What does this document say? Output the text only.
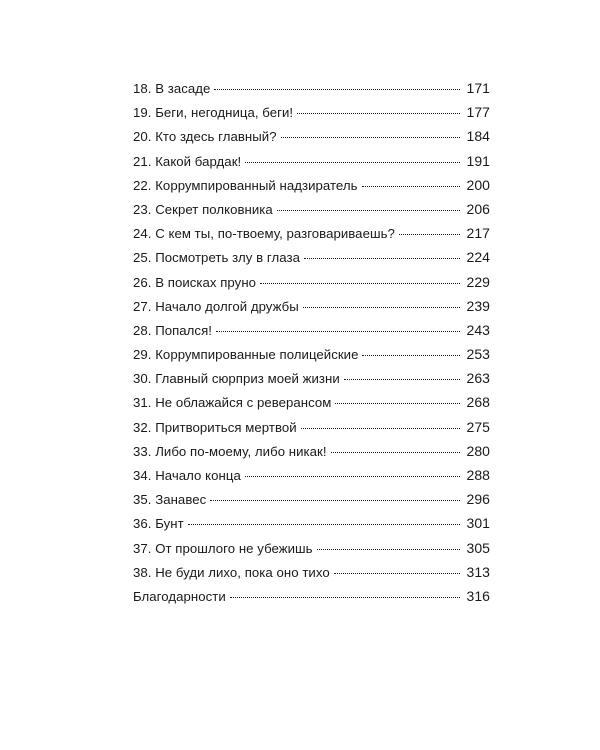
18. В засаде	171
19. Беги, негодница, беги!	177
20. Кто здесь главный?	184
21. Какой бардак!	191
22. Коррумпированный надзиратель	200
23. Секрет полковника	206
24. С кем ты, по-твоему, разговариваешь?	217
25. Посмотреть злу в глаза	224
26. В поисках пруно	229
27. Начало долгой дружбы	239
28. Попался!	243
29. Коррумпированные полицейские	253
30. Главный сюрприз моей жизни	263
31. Не облажайся с реверансом	268
32. Притвориться мертвой	275
33. Либо по-моему, либо никак!	280
34. Начало конца	288
35. Занавес	296
36. Бунт	301
37. От прошлого не убежишь	305
38. Не буди лихо, пока оно тихо	313
Благодарности	316
